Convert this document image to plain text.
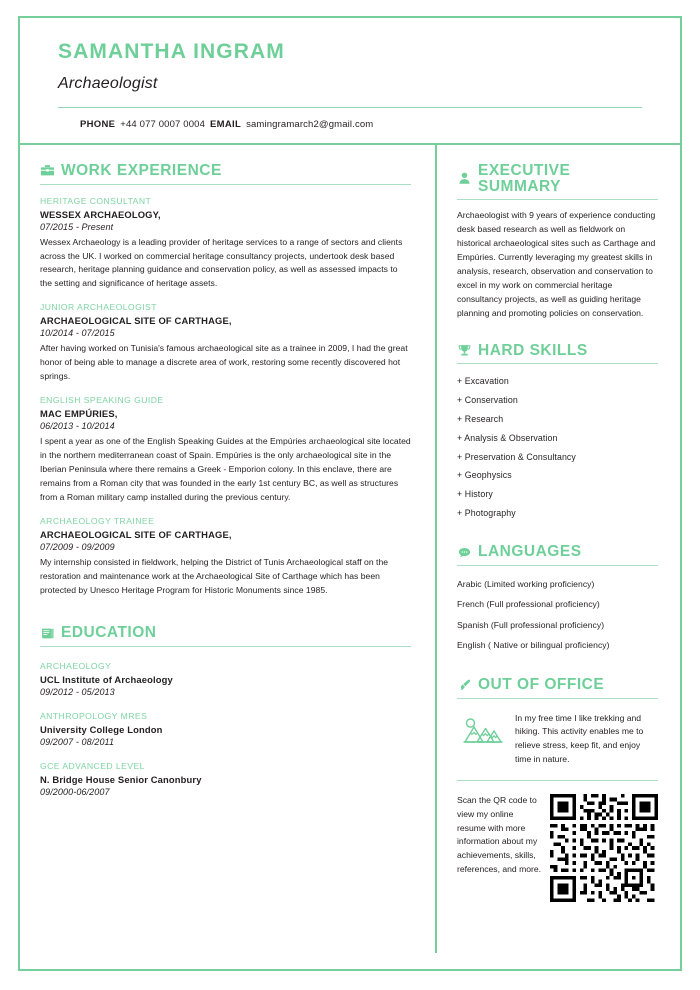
SAMANTHA INGRAM
Archaeologist
PHONE +44 077 0007 0004 EMAIL samingramarch2@gmail.com
WORK EXPERIENCE
HERITAGE CONSULTANT
WESSEX ARCHAEOLOGY,
07/2015 - Present
Wessex Archaeology is a leading provider of heritage services to a range of sectors and clients across the UK. I worked on commercial heritage consultancy projects, undertook desk based research, heritage planning guidance and conservation policy, as well as assessed impacts to the setting and significance of heritage assets.
JUNIOR ARCHAEOLOGIST
ARCHAEOLOGICAL SITE OF CARTHAGE,
10/2014 - 07/2015
After having worked on Tunisia's famous archaeological site as a trainee in 2009, I had the great honor of being able to manage a discrete area of work, restoring some recently discovered hot springs.
ENGLISH SPEAKING GUIDE
MAC EMPÚRIES,
06/2013 - 10/2014
I spent a year as one of the English Speaking Guides at the Empúries archaeological site located in the northern mediterranean coast of Spain. Empúries is the only archaeological site in the Iberian Peninsula where there remains a Greek - Emporion colony. In this enclave, there are remains from a Roman city that was founded in the early 1st century BC, as well as structures from a Roman military camp installed during the previous century.
ARCHAEOLOGY TRAINEE
ARCHAEOLOGICAL SITE OF CARTHAGE,
07/2009 - 09/2009
My internship consisted in fieldwork, helping the District of Tunis Archaeological staff on the restoration and maintenance work at the Archaeological Site of Carthage which has been protected by Unesco Heritage Program for Historic Monuments since 1985.
EDUCATION
ARCHAEOLOGY
UCL Institute of Archaeology
09/2012 - 05/2013
ANTHROPOLOGY MRES
University College London
09/2007 - 08/2011
GCE ADVANCED LEVEL
N. Bridge House Senior Canonbury
09/2000-06/2007
EXECUTIVE SUMMARY
Archaeologist with 9 years of experience conducting desk based research as well as fieldwork on historical archaeological sites such as Carthage and Empúries. Currently leveraging my greatest skills in analysis, research, observation and conservation to excel in my work on commercial heritage consultancy projects, as well as guiding heritage planning and promoting policies on conservation.
HARD SKILLS
+ Excavation
+ Conservation
+ Research
+ Analysis & Observation
+ Preservation & Consultancy
+ Geophysics
+ History
+ Photography
LANGUAGES
Arabic (Limited working proficiency)
French (Full professional proficiency)
Spanish (Full professional proficiency)
English ( Native or bilingual proficiency)
OUT OF OFFICE
In my free time I like trekking and hiking. This activity enables me to relieve stress, keep fit, and enjoy time in nature.
Scan the QR code to view my online resume with more information about my achievements, skills, references, and more.
